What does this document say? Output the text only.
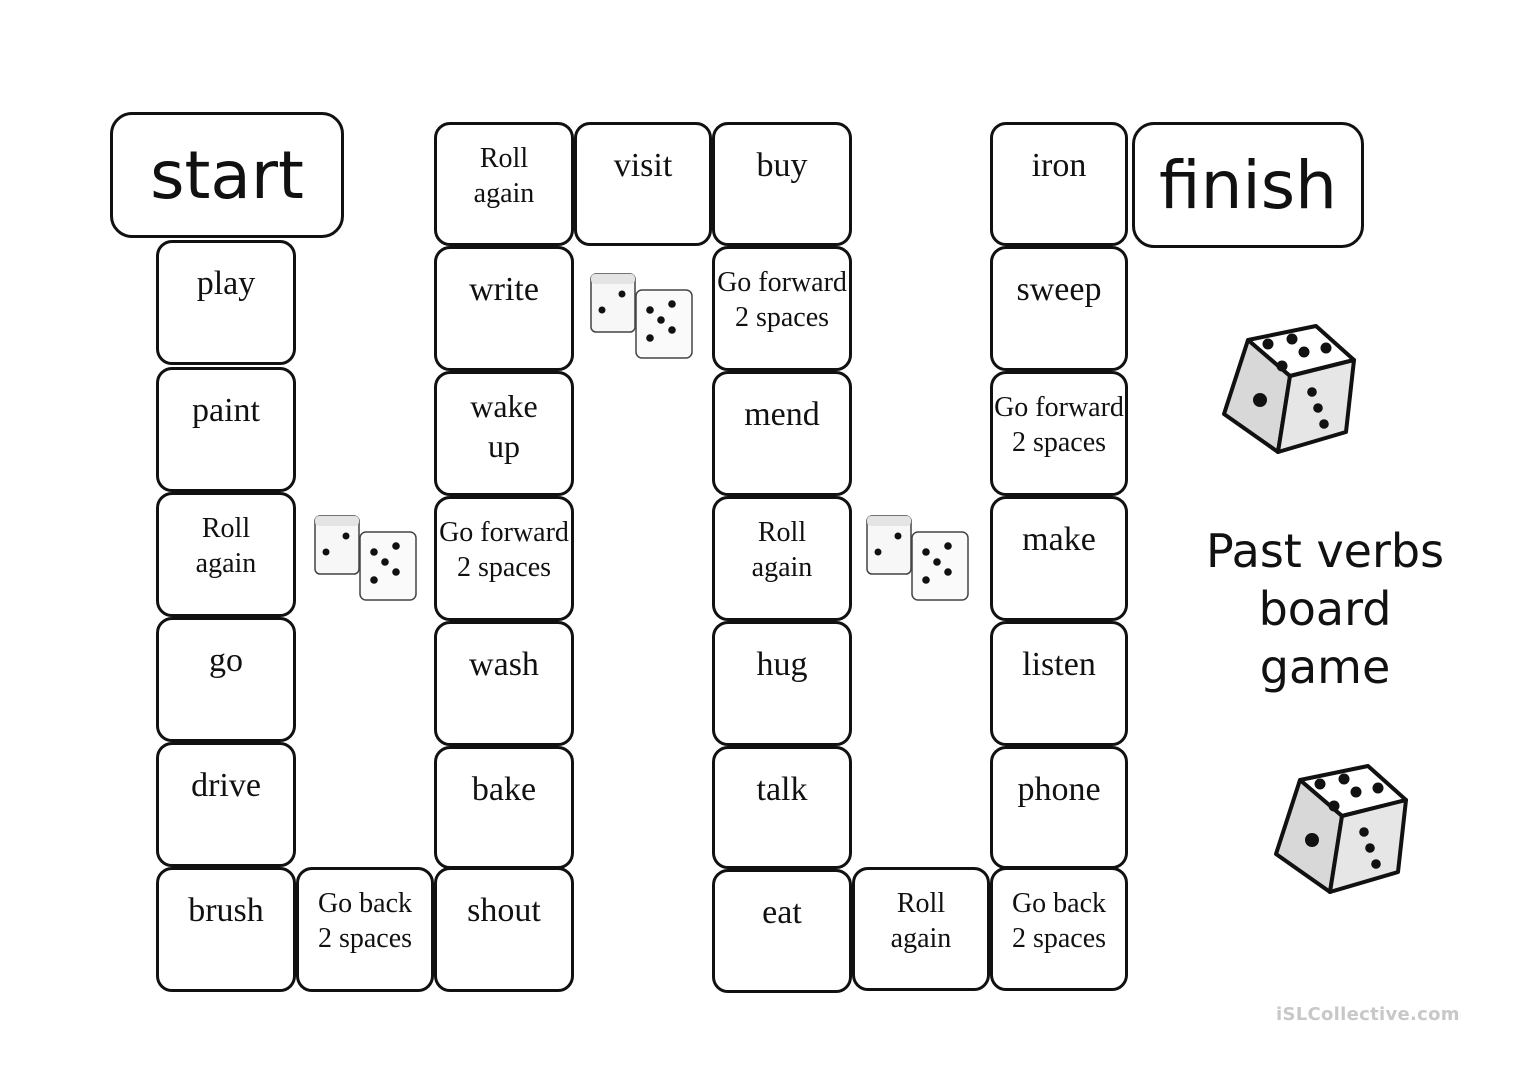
start	finish
play
paint
Roll
again
go
drive
brush Go back
2 spaces
shout
bake
wash
Go forward
2 spaces
wake
up
write
Roll
again
visit buy
Go forward
2 spaces
mend
Roll
again
hug
talk
eat	Roll
again
Go back
2 spaces
phone
listen
make
Go forward
2 spaces
sweep
iron
Past verbs
board
game
iSLCollective.com
